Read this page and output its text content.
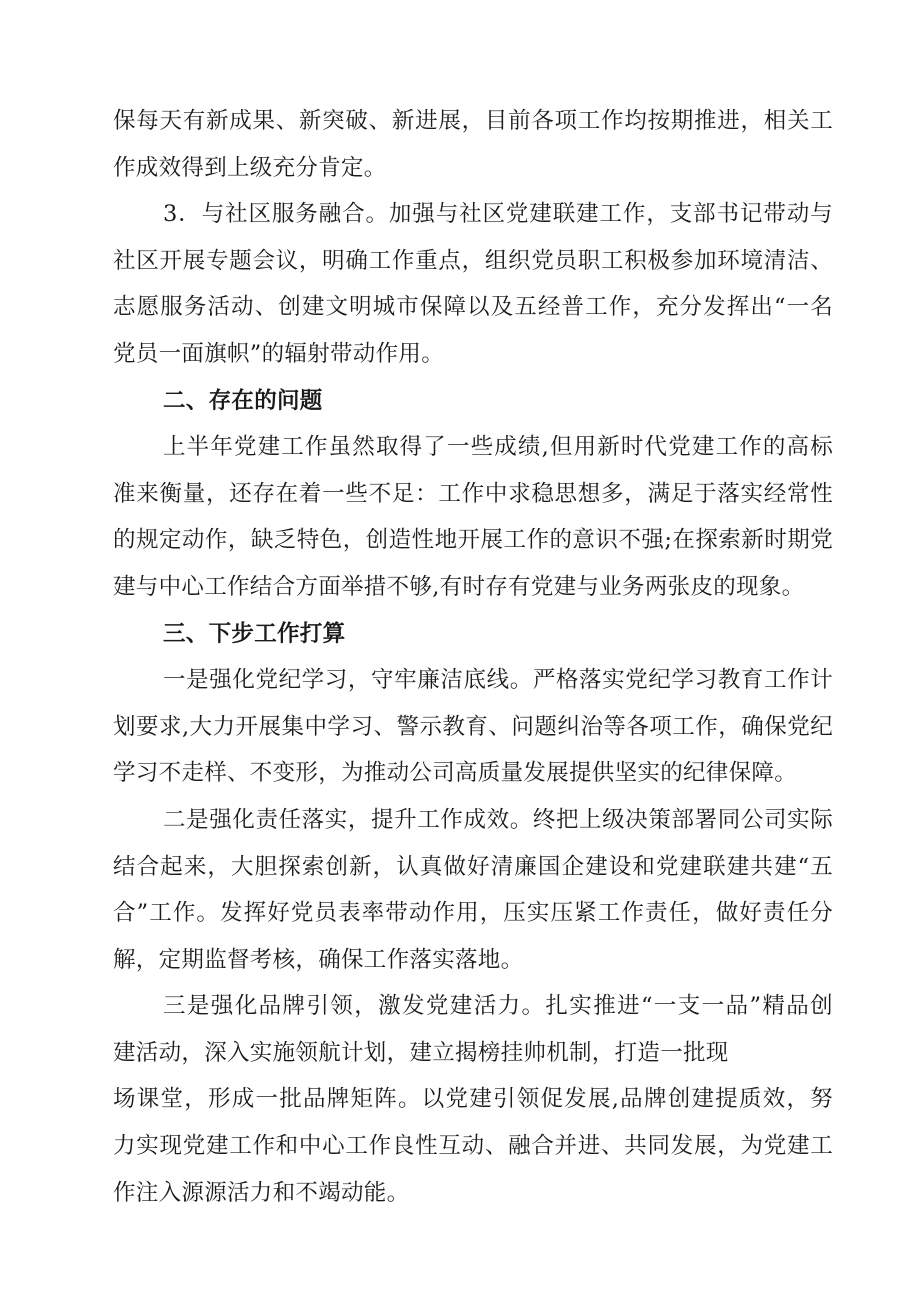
保每天有新成果、新突破、新进展，目前各项工作均按期推进，相关工
作成效得到上级充分肯定。
3．与社区服务融合。加强与社区党建联建工作，支部书记带动与
社区开展专题会议，明确工作重点，组织党员职工积极参加环境清洁、
志愿服务活动、创建文明城市保障以及五经普工作，充分发挥出“一名
党员一面旗帜”的辐射带动作用。
二、存在的问题
上半年党建工作虽然取得了一些成绩,但用新时代党建工作的高标
准来衡量，还存在着一些不足：工作中求稳思想多，满足于落实经常性
的规定动作，缺乏特色，创造性地开展工作的意识不强;在探索新时期党
建与中心工作结合方面举措不够,有时存有党建与业务两张皮的现象。
三、下步工作打算
一是强化党纪学习，守牢廉洁底线。严格落实党纪学习教育工作计
划要求,大力开展集中学习、警示教育、问题纠治等各项工作，确保党纪
学习不走样、不变形，为推动公司高质量发展提供坚实的纪律保障。
二是强化责任落实，提升工作成效。终把上级决策部署同公司实际
结合起来，大胆探索创新，认真做好清廉国企建设和党建联建共建“五
合”工作。发挥好党员表率带动作用，压实压紧工作责任，做好责任分
解，定期监督考核，确保工作落实落地。
三是强化品牌引领，激发党建活力。扎实推进“一支一品”精品创
建活动，深入实施领航计划，建立揭榜挂帅机制，打造一批现
场课堂，形成一批品牌矩阵。以党建引领促发展,品牌创建提质效，努
力实现党建工作和中心工作良性互动、融合并进、共同发展，为党建工
作注入源源活力和不竭动能。
